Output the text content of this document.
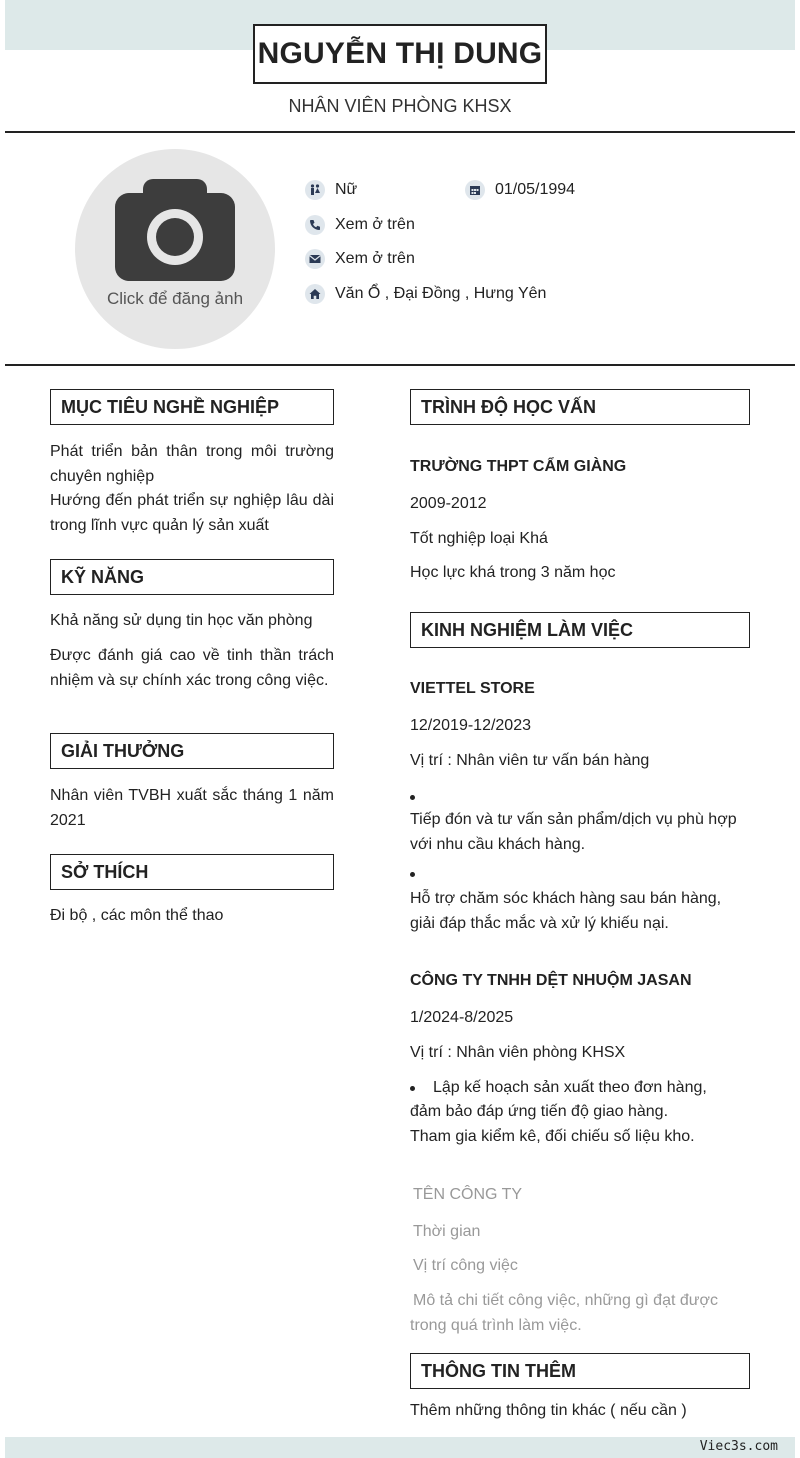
NGUYỄN THỊ DUNG
NHÂN VIÊN PHÒNG KHSX
Click để đăng ảnh
Nữ	01/05/1994
Xem ở trên
Xem ở trên
Văn Ổ , Đại Đồng , Hưng Yên
MỤC TIÊU NGHỀ NGHIỆP
Phát triển bản thân trong môi trường chuyên nghiệp
Hướng đến phát triển sự nghiệp lâu dài trong lĩnh vực quản lý sản xuất
KỸ NĂNG
Khả năng sử dụng tin học văn phòng
Được đánh giá cao về tinh thần trách nhiệm và sự chính xác trong công việc.
GIẢI THƯỞNG
Nhân viên TVBH xuất sắc tháng 1 năm 2021
SỞ THÍCH
Đi bộ , các môn thể thao
TRÌNH ĐỘ HỌC VẤN
TRƯỜNG THPT CẨM GIÀNG
2009-2012
Tốt nghiệp loại Khá
Học lực khá trong 3 năm học
KINH NGHIỆM LÀM VIỆC
VIETTEL STORE
12/2019-12/2023
Vị trí : Nhân viên tư vấn bán hàng
Tiếp đón và tư vấn sản phẩm/dịch vụ phù hợp với nhu cầu khách hàng.
Hỗ trợ chăm sóc khách hàng sau bán hàng, giải đáp thắc mắc và xử lý khiếu nại.
CÔNG TY TNHH DỆT NHUỘM JASAN
1/2024-8/2025
Vị trí : Nhân viên phòng KHSX
Lập kế hoạch sản xuất theo đơn hàng,
đảm bảo đáp ứng tiến độ giao hàng.
Tham gia kiểm kê, đối chiếu số liệu kho.
TÊN CÔNG TY
Thời gian
Vị trí công việc
Mô tả chi tiết công việc, những gì đạt được trong quá trình làm việc.
THÔNG TIN THÊM
Thêm những thông tin khác ( nếu cần )
Viec3s.com
